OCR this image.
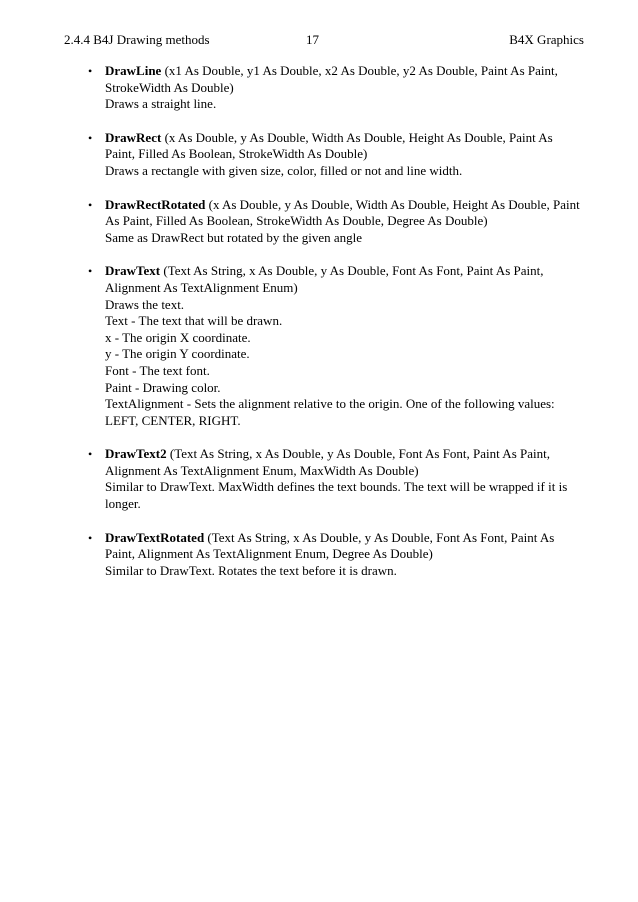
2.4.4 B4J Drawing methods	17	B4X Graphics
• DrawLine (x1 As Double, y1 As Double, x2 As Double, y2 As Double, Paint As Paint,
StrokeWidth As Double)
Draws a straight line.
• DrawRect (x As Double, y As Double, Width As Double, Height As Double, Paint As
Paint, Filled As Boolean, StrokeWidth As Double)
Draws a rectangle with given size, color, filled or not and line width.
• DrawRectRotated (x As Double, y As Double, Width As Double, Height As Double, Paint
As Paint, Filled As Boolean, StrokeWidth As Double, Degree As Double)
Same as DrawRect but rotated by the given angle
• DrawText (Text As String, x As Double, y As Double, Font As Font, Paint As Paint,
Alignment As TextAlignment Enum)
Draws the text.
Text - The text that will be drawn.
x - The origin X coordinate.
y - The origin Y coordinate.
Font - The text font.
Paint - Drawing color.
TextAlignment - Sets the alignment relative to the origin. One of the following values:
LEFT, CENTER, RIGHT.
• DrawText2 (Text As String, x As Double, y As Double, Font As Font, Paint As Paint,
Alignment As TextAlignment Enum, MaxWidth As Double)
Similar to DrawText. MaxWidth defines the text bounds. The text will be wrapped if it is
longer.
• DrawTextRotated (Text As String, x As Double, y As Double, Font As Font, Paint As
Paint, Alignment As TextAlignment Enum, Degree As Double)
Similar to DrawText. Rotates the text before it is drawn.
